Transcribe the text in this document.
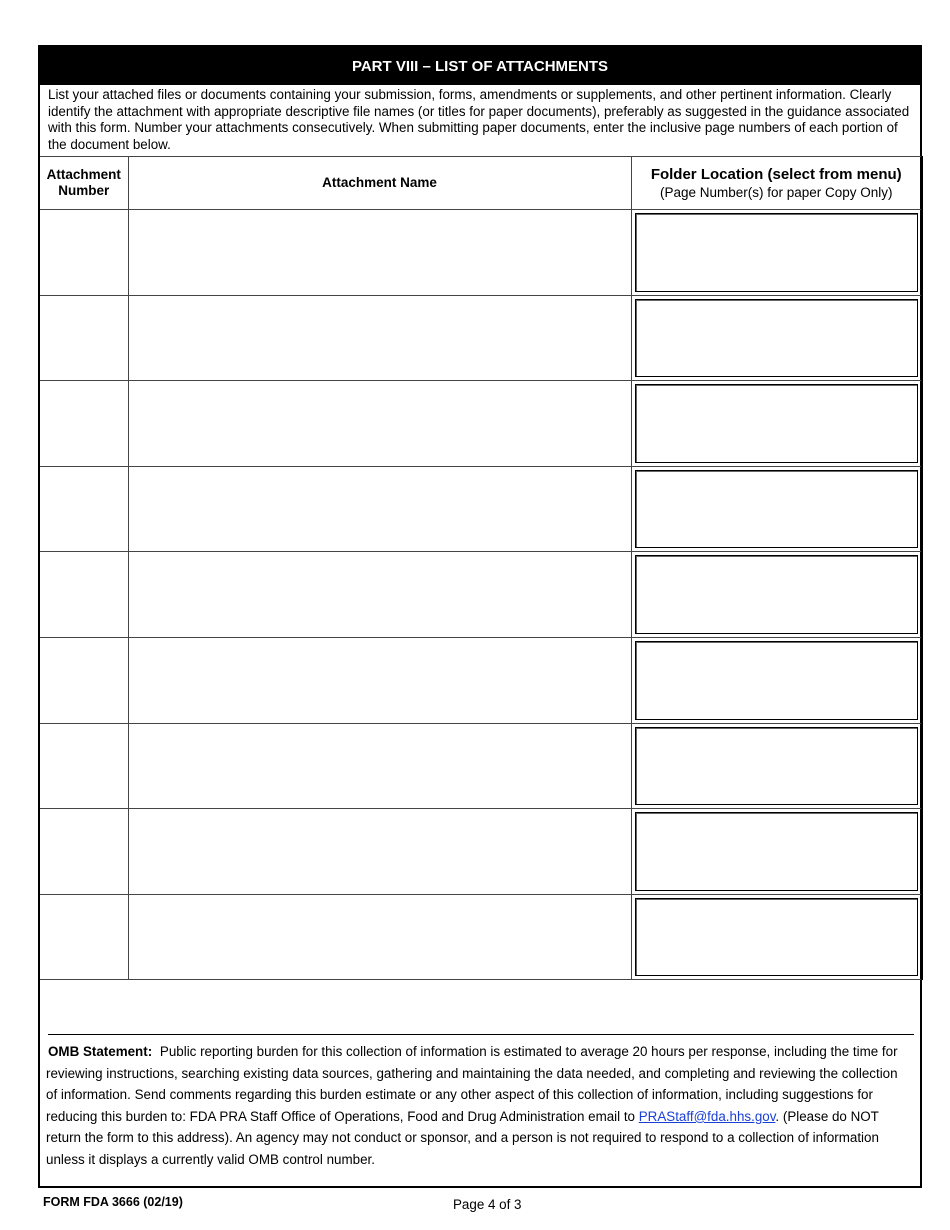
PART VIII – LIST OF ATTACHMENTS
List your attached files or documents containing your submission, forms, amendments or supplements, and other pertinent information. Clearly identify the attachment with appropriate descriptive file names (or titles for paper documents), preferably as suggested in the guidance associated with this form. Number your attachments consecutively. When submitting paper documents, enter the inclusive page numbers of each portion of the document below.
Attachment
Number	Attachment Name	Folder Location (select from menu)
(Page Number(s) for paper Copy Only)

OMB Statement: Public reporting burden for this collection of information is estimated to average 20 hours per response, including the time for reviewing instructions, searching existing data sources, gathering and maintaining the data needed, and completing and reviewing the collection of information. Send comments regarding this burden estimate or any other aspect of this collection of information, including suggestions for reducing this burden to: FDA PRA Staff Office of Operations, Food and Drug Administration email to PRAStaff@fda.hhs.gov. (Please do NOT return the form to this address). An agency may not conduct or sponsor, and a person is not required to respond to a collection of information unless it displays a currently valid OMB control number.
FORM FDA 3666 (02/19)	Page 4 of 3
